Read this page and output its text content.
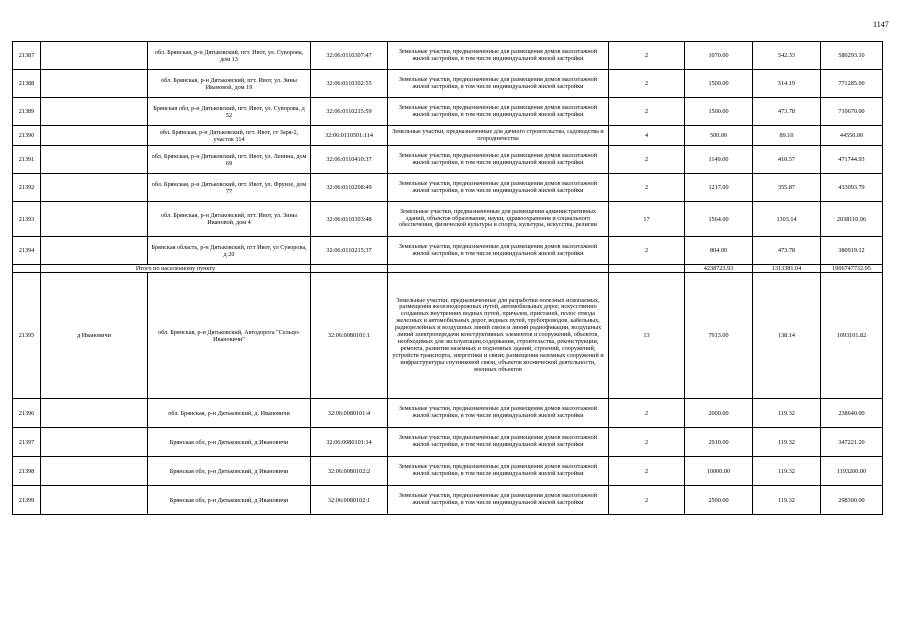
1147
21387		обл. Брянская, р-н Дятьковский, пгт. Ивот, ул. Суворова, дом 13	32:06:0110307:47	Земельные участки, предназначенные для размещения домов малоэтажной жилой застройки, в том числе индивидуальной жилой застройки	2	1070.00	542.33	580293.10
21388		обл. Брянская, р-н Дятьковский, пгт. Ивот, ул. Зины Ивановой, дом 19	32:06:0110302:55	Земельные участки, предназначенные для размещения домов малоэтажной жилой застройки, в том числе индивидуальной жилой застройки	2	1500.00	514.19	771285.00
21389		Брянская обл, р-н Дятьковский, пгт. Ивот, ул. Суворова, д 52	32:06:0110215:59	Земельные участки, предназначенные для размещения домов малоэтажной жилой застройки, в том числе индивидуальной жилой застройки	2	1500.00	473.78	710670.00
21390		обл. Брянская, р-н Дятьковский, пгт. Ивот, ст Заря-2, участок 114	32:06:0110501:114	Земельные участки, предназначенные для дачного строительства, садоводства и огородничества	4	500.00	89.10	44550.00
21391		обл. Брянская, р-н Дятьковский, пгт. Ивот, ул. Ленина, дом 69	32:06:0110410:37	Земельные участки, предназначенные для размещения домов малоэтажной жилой застройки, в том числе индивидуальной жилой застройки	2	1149.00	410.57	471744.93
21392		обл. Брянская, р-н Дятьковский, пгт. Ивот, ул. Фрунзе, дом 77	32:06:0110208:49	Земельные участки, предназначенные для размещения домов малоэтажной жилой застройки, в том числе индивидуальной жилой застройки	2	1217.00	355.87	433093.79
21393		обл. Брянская, р-н Дятьковский, пгт. Ивот, ул. Зины Ивановой, дом 4	32:06:0110303:48	Земельные участки, предназначенные для размещения административных зданий, объектов образования, науки, здравоохранения и социального обеспечения, физической культуры и спорта, культуры, искусства, религии	17	1564.00	1303.14	2038110.96
21394		Брянская область, р-н Дятьковский, пгт Ивот, ул Суворова, д 20	32:06:0110215:37	Земельные участки, предназначенные для размещения домов малоэтажной жилой застройки, в том числе индивидуальной жилой застройки	2	804.00	473.78	380919.12
	Итого по населенному пункту					4238723.93	1313381.04	1906747732.95
21395	д Ивановичи	обл. Брянская, р-н Дятьковский, Автодорога "Сельцо- Ивановичи"	32:06:0080101:1	Земельные участки, предназначенные для разработки полезных ископаемых, размещения железнодорожных путей, автомобильных дорог, искусственно созданных внутренних водных путей, причалов, пристаней, полос отвода железных и автомобильных дорог, водных путей, трубопроводов, кабельных, радиорелейных и воздушных линий связи и линий радиофикации, воздушных линий электропередачи конструктивных элементов и сооружений, объектов, необходимых для эксплуатации,содержания, строительства, реконструкции, ремонта, развития наземных и подземных зданий, строений, сооружений, устройств транспорта, энергетики и связи; размещения наземных сооружений и инфраструктуры спутниковой связи, объектов космической деятельности, военных объектов	13	7913.00	138.14	1093101.82
21396		обл. Брянская, р-н Дятьковский, д. Ивановичи	32:06:0080101:4	Земельные участки, предназначенные для размещения домов малоэтажной жилой застройки, в том числе индивидуальной жилой застройки	2	2000.00	119.32	238640.00
21397		Брянская обл, р-н Дятьковский, д Ивановичи	32:06:0080101:14	Земельные участки, предназначенные для размещения домов малоэтажной жилой застройки, в том числе индивидуальной жилой застройки	2	2910.00	119.32	347221.20
21398		Брянская обл, р-н Дятьковский, д Ивановичи	32:06:0080102:2	Земельные участки, предназначенные для размещения домов малоэтажной жилой застройки, в том числе индивидуальной жилой застройки	2	10000.00	119.32	1193200.00
21399		Брянская обл, р-н Дятьковский, д Ивановичи	32:06:0080102:1	Земельные участки, предназначенные для размещения домов малоэтажной жилой застройки, в том числе индивидуальной жилой застройки	2	2500.00	119.32	298300.00
